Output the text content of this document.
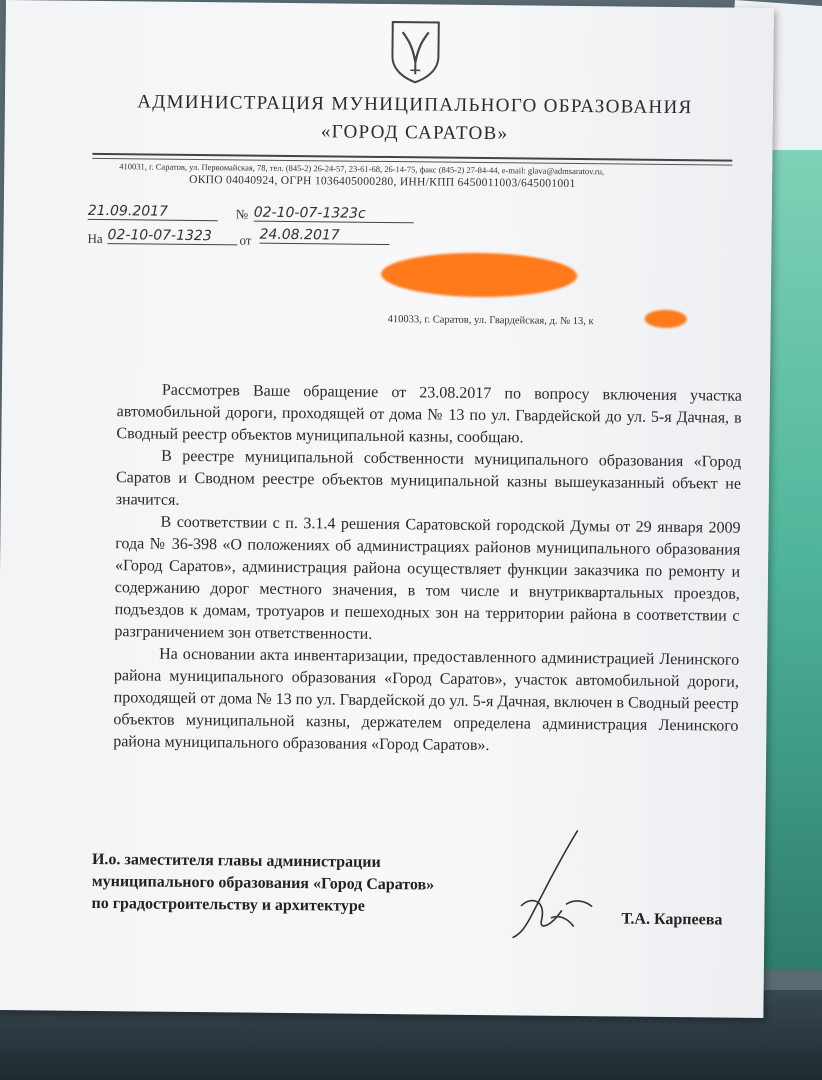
АДМИНИСТРАЦИЯ МУНИЦИПАЛЬНОГО ОБРАЗОВАНИЯ
«ГОРОД САРАТОВ»
410031, г. Саратов, ул. Первомайская, 78, тел. (845-2) 26-24-57, 23-61-68, 26-14-75, факс (845-2) 27-84-44, e-mail: glava@admsaratov.ru,
ОКПО 04040924, ОГРН 1036405000280, ИНН/КПП 6450011003/645001001
21.09.2017	№ 02-10-07-1323с
На 02-10-07-1323	от 24.08.2017
410033, г. Саратов, ул. Гвардейская, д. № 13, к

Рассмотрев Ваше обращение от 23.08.2017 по вопросу включения участка автомобильной дороги, проходящей от дома № 13 по ул. Гвардейской до ул. 5-я Дачная, в Сводный реестр объектов муниципальной казны, сообщаю.

В реестре муниципальной собственности муниципального образования «Город Саратов и Сводном реестре объектов муниципальной казны вышеуказанный объект не значится.

В соответствии с п. 3.1.4 решения Саратовской городской Думы от 29 января 2009 года № 36-398 «О положениях об администрациях районов муниципального образования «Город Саратов», администрация района осуществляет функции заказчика по ремонту и содержанию дорог местного значения, в том числе и внутриквартальных проездов, подъездов к домам, тротуаров и пешеходных зон на территории района в соответствии с разграничением зон ответственности.

На основании акта инвентаризации, предоставленного администрацией Ленинского района муниципального образования «Город Саратов», участок автомобильной дороги, проходящей от дома № 13 по ул. Гвардейской до ул. 5-я Дачная, включен в Сводный реестр объектов муниципальной казны, держателем определена администрация Ленинского района муниципального образования «Город Саратов».

И.о. заместителя главы администрации
муниципального образования «Город Саратов»
по градостроительству и архитектуре
Т.А. Карпеева
